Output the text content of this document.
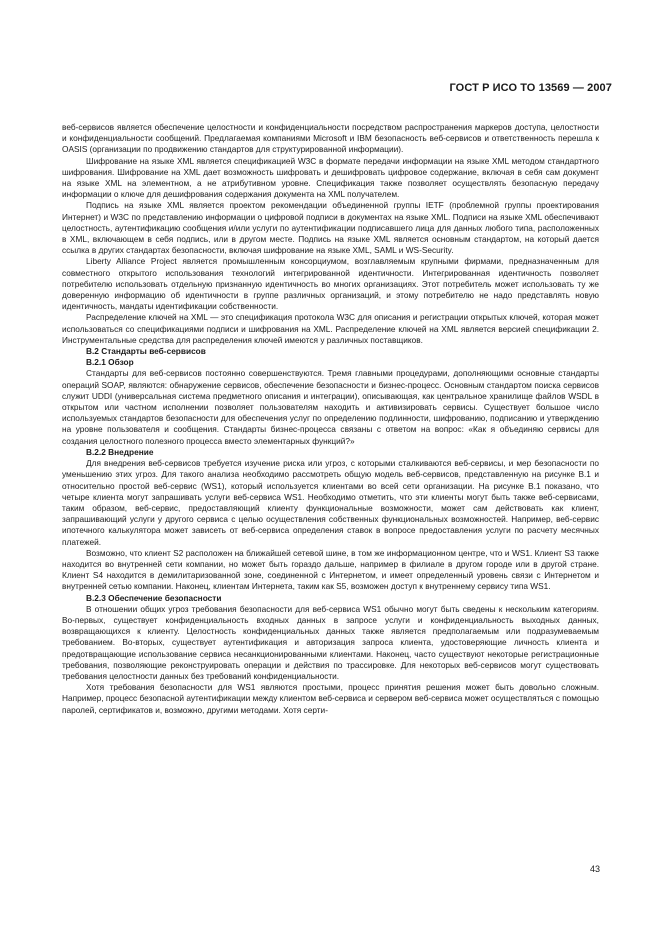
ГОСТ Р ИСО ТО 13569 — 2007

веб-сервисов является обеспечение целостности и конфиденциальности посредством распространения маркеров доступа, целостности и конфиденциальности сообщений. Предлагаемая компаниями Microsoft и IBM безопасность веб-сервисов и ответственность перешла к OASIS (организации по продвижению стандартов для структурированной информации).

Шифрование на языке XML является спецификацией W3C в формате передачи информации на языке XML методом стандартного шифрования. Шифрование на XML дает возможность шифровать и дешифровать цифровое содержание, включая в себя сам документ на языке XML на элементном, а не атрибутивном уровне. Спецификация также позволяет осуществлять безопасную передачу информации о ключе для дешифрования содержания документа на XML получателем.

Подпись на языке XML является проектом рекомендации объединенной группы IETF (проблемной группы проектирования Интернет) и W3C по представлению информации о цифровой подписи в документах на языке XML. Подписи на языке XML обеспечивают целостность, аутентификацию сообщения и/или услуги по аутентификации подписавшего лица для данных любого типа, расположенных в XML, включающем в себя подпись, или в другом месте. Подпись на языке XML является основным стандартом, на который дается ссылка в других стандартах безопасности, включая шифрование на языке XML, SAML и WS-Security.

Liberty Alliance Project является промышленным консорциумом, возглавляемым крупными фирмами, предназначенным для совместного открытого использования технологий интегрированной идентичности. Интегрированная идентичность позволяет потребителю использовать отдельную признанную идентичность во многих организациях. Этот потребитель может использовать ту же доверенную информацию об идентичности в группе различных организаций, и этому потребителю не надо представлять новую идентичность, мандаты идентификации собственности.

Распределение ключей на XML — это спецификация протокола W3C для описания и регистрации открытых ключей, которая может использоваться со спецификациями подписи и шифрования на XML. Распределение ключей на XML является версией спецификации 2. Инструментальные средства для распределения ключей имеются у различных поставщиков.

B.2 Стандарты веб-сервисов
B.2.1 Обзор

Стандарты для веб-сервисов постоянно совершенствуются. Тремя главными процедурами, дополняющими основные стандарты операций SOAP, являются: обнаружение сервисов, обеспечение безопасности и бизнес-процесс. Основным стандартом поиска сервисов служит UDDI (универсальная система предметного описания и интеграции), описывающая, как центральное хранилище файлов WSDL в открытом или частном исполнении позволяет пользователям находить и активизировать сервисы. Существует большое число используемых стандартов безопасности для обеспечения услуг по определению подлинности, шифрованию, подписанию и утверждению на уровне пользователя и сообщения. Стандарты бизнес-процесса связаны с ответом на вопрос: «Как я объединяю сервисы для создания целостного полезного процесса вместо элементарных функций?»

B.2.2 Внедрение

Для внедрения веб-сервисов требуется изучение риска или угроз, с которыми сталкиваются веб-сервисы, и мер безопасности по уменьшению этих угроз. Для такого анализа необходимо рассмотреть общую модель веб-сервисов, представленную на рисунке B.1 и относительно простой веб-сервис (WS1), который используется клиентами во всей сети организации. На рисунке B.1 показано, что четыре клиента могут запрашивать услуги веб-сервиса WS1. Необходимо отметить, что эти клиенты могут быть также веб-сервисами, таким образом, веб-сервис, предоставляющий клиенту функциональные возможности, может сам действовать как клиент, запрашивающий услуги у другого сервиса с целью осуществления собственных функциональных возможностей. Например, веб-сервис ипотечного калькулятора может зависеть от веб-сервиса определения ставок в вопросе предоставления услуги по расчету месячных платежей.

Возможно, что клиент S2 расположен на ближайшей сетевой шине, в том же информационном центре, что и WS1. Клиент S3 также находится во внутренней сети компании, но может быть гораздо дальше, например в филиале в другом городе или в другой стране. Клиент S4 находится в демилитаризованной зоне, соединенной с Интернетом, и имеет определенный уровень связи с Интернетом и внутренней сетью компании. Наконец, клиентам Интернета, таким как S5, возможен доступ к внутреннему сервису типа WS1.

B.2.3 Обеспечение безопасности

В отношении общих угроз требования безопасности для веб-сервиса WS1 обычно могут быть сведены к нескольким категориям. Во-первых, существует конфиденциальность входных данных в запросе услуги и конфиденциальность выходных данных, возвращающихся к клиенту. Целостность конфиденциальных данных также является предполагаемым или подразумеваемым требованием. Во-вторых, существует аутентификация и авторизация запроса клиента, удостоверяющие личность клиента и предотвращающие использование сервиса несанкционированными клиентами. Наконец, часто существуют некоторые регистрационные требования, позволяющие реконструировать операции и действия по трассировке. Для некоторых веб-сервисов могут существовать требования целостности данных без требований конфиденциальности.

Хотя требования безопасности для WS1 являются простыми, процесс принятия решения может быть довольно сложным. Например, процесс безопасной аутентификации между клиентом веб-сервиса и сервером веб-сервиса может осуществляться с помощью паролей, сертификатов и, возможно, другими методами. Хотя серти-

43
